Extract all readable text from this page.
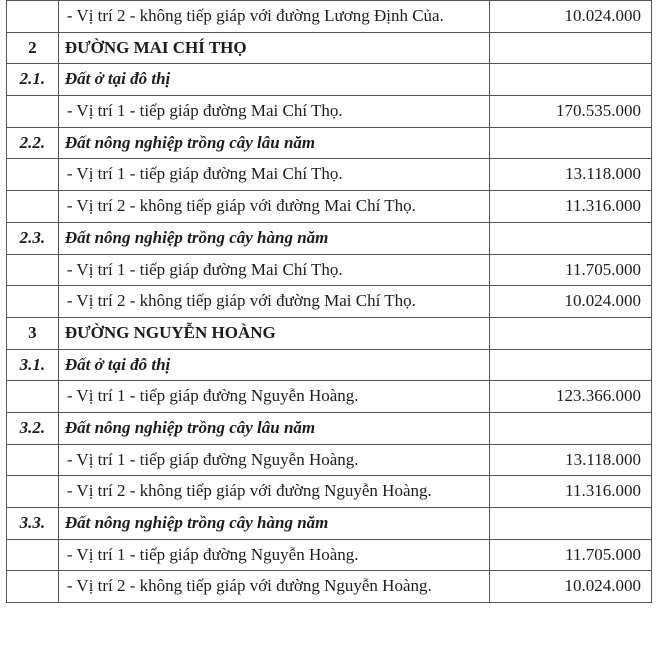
	- Vị trí 2 - không tiếp giáp với đường Lương Định Của.	10.024.000
2	ĐƯỜNG MAI CHÍ THỌ	
2.1.	Đất ở tại đô thị	
	- Vị trí 1 - tiếp giáp đường Mai Chí Thọ.	170.535.000
2.2.	Đất nông nghiệp trồng cây lâu năm	
	- Vị trí 1 - tiếp giáp đường Mai Chí Thọ.	13.118.000
	- Vị trí 2 - không tiếp giáp với đường Mai Chí Thọ.	11.316.000
2.3.	Đất nông nghiệp trồng cây hàng năm	
	- Vị trí 1 - tiếp giáp đường Mai Chí Thọ.	11.705.000
	- Vị trí 2 - không tiếp giáp với đường Mai Chí Thọ.	10.024.000
3	ĐƯỜNG NGUYỄN HOÀNG	
3.1.	Đất ở tại đô thị	
	- Vị trí 1 - tiếp giáp đường Nguyễn Hoàng.	123.366.000
3.2.	Đất nông nghiệp trồng cây lâu năm	
	- Vị trí 1 - tiếp giáp đường Nguyễn Hoàng.	13.118.000
	- Vị trí 2 - không tiếp giáp với đường Nguyễn Hoàng.	11.316.000
3.3.	Đất nông nghiệp trồng cây hàng năm	
	- Vị trí 1 - tiếp giáp đường Nguyễn Hoàng.	11.705.000
	- Vị trí 2 - không tiếp giáp với đường Nguyễn Hoàng.	10.024.000
